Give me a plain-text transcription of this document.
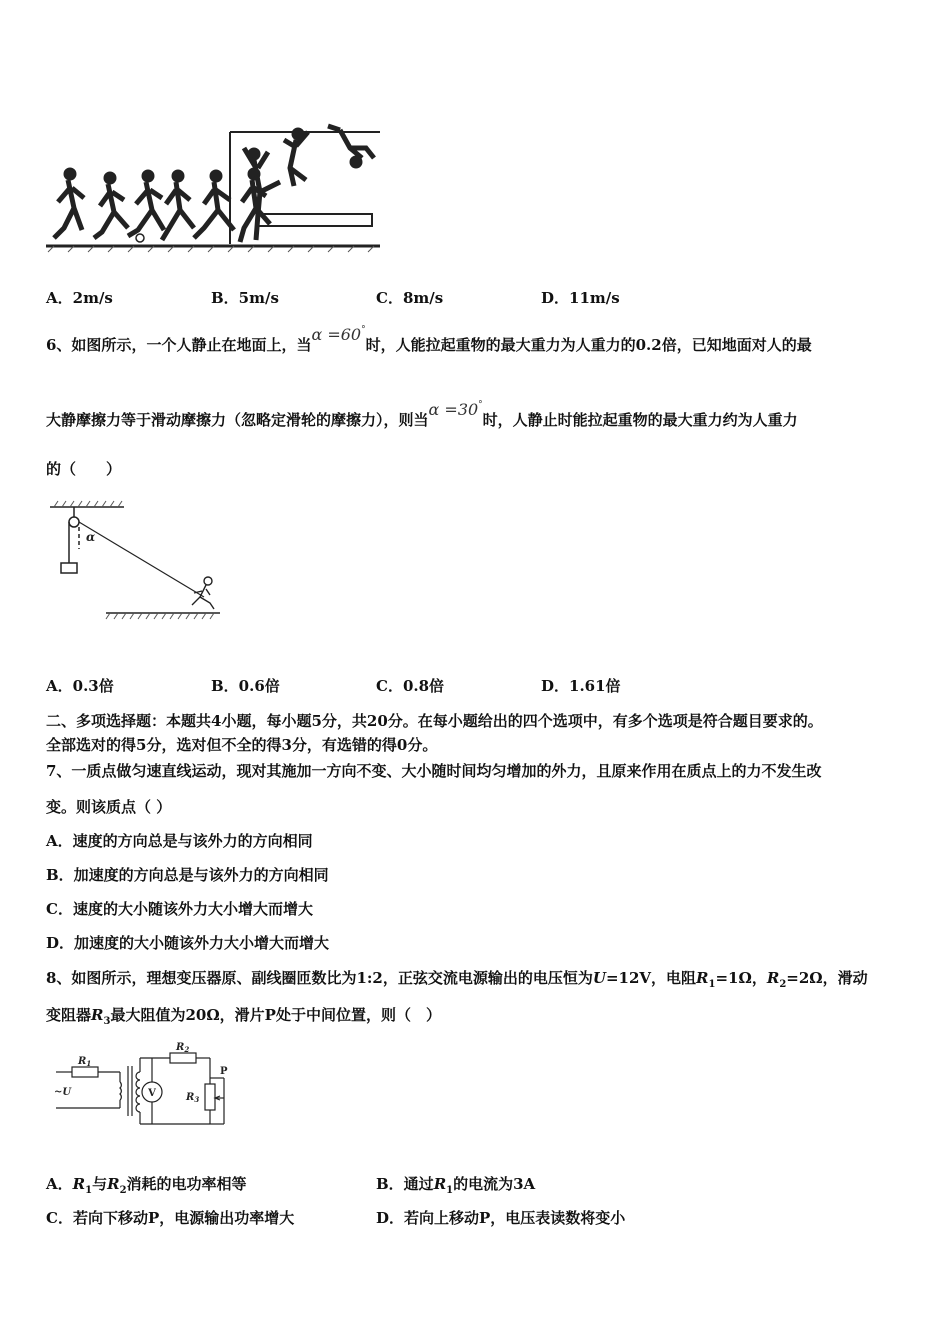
A．2m/s	B．5m/s	C．8m/s	D．11m/s
6、如图所示，一个人静止在地面上，当α =60°时，人能拉起重物的最大重力为人重力的0.2倍，已知地面对人的最
大静摩擦力等于滑动摩擦力（忽略定滑轮的摩擦力），则当α =30°时，人静止时能拉起重物的最大重力约为人重力
的（　　）
α
A．0.3倍	B．0.6倍	C．0.8倍	D．1.61倍
二、多项选择题：本题共4小题，每小题5分，共20分。在每小题给出的四个选项中，有多个选项是符合题目要求的。
全部选对的得5分，选对但不全的得3分，有选错的得0分。
7、一质点做匀速直线运动，现对其施加一方向不变、大小随时间均匀增加的外力，且原来作用在质点上的力不发生改
变。则该质点（ ）
A．速度的方向总是与该外力的方向相同
B．加速度的方向总是与该外力的方向相同
C．速度的大小随该外力大小增大而增大
D．加速度的大小随该外力大小增大而增大
8、如图所示，理想变压器原、副线圈匝数比为1:2，正弦交流电源输出的电压恒为U=12V，电阻$R_1=1\Omega$，$R_2=2\Omega$，滑动
变阻器$R_3$最大阻值为20Ω，滑片P处于中间位置，则（　）
V
$R_1$
$R_2$
$R_3$
~U
P
A．$R_1$与$R_2$消耗的电功率相等	B．通过$R_1$的电流为3A
C．若向下移动P，电源输出功率增大	D．若向上移动P，电压表读数将变小
